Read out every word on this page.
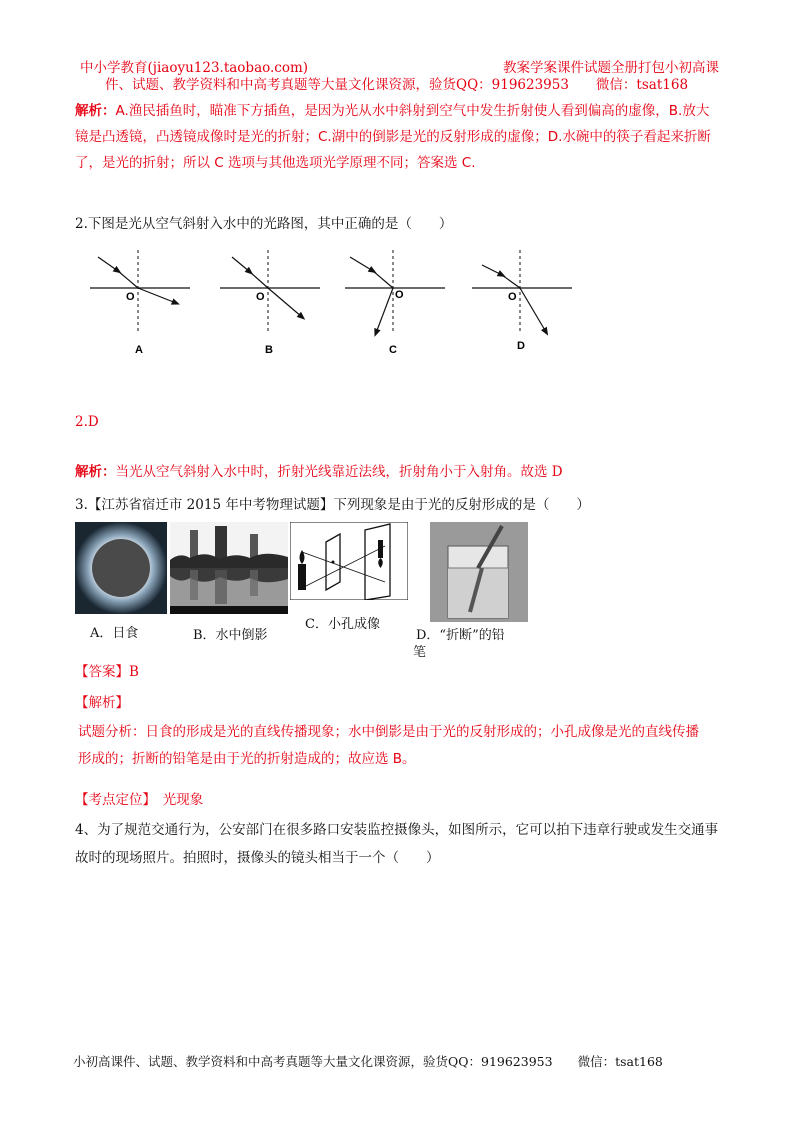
中小学教育(jiaoyu123.taobao.com)	教案学案课件试题全册打包小初高课
件、试题、教学资料和中高考真题等大量文化课资源，验货QQ：919623953　　微信：tsat168
解析：A.渔民插鱼时，瞄准下方插鱼，是因为光从水中斜射到空气中发生折射使人看到偏高的虚像，B.放大
镜是凸透镜，凸透镜成像时是光的折射；C.湖中的倒影是光的反射形成的虚像；D.水碗中的筷子看起来折断
了，是光的折射；所以 C 选项与其他选项光学原理不同；答案选 C.
2.下图是光从空气斜射入水中的光路图，其中正确的是（　　）
O
A
O
B
O
C
O
D
2.D
解析：当光从空气斜射入水中时，折射光线靠近法线，折射角小于入射角。故选 D
3.【江苏省宿迁市 2015 年中考物理试题】下列现象是由于光的反射形成的是（　　）
A．日食	B．水中倒影
C．小孔成像
D．“折断”的铅
笔
【答案】B
【解析】
试题分析：日食的形成是光的直线传播现象；水中倒影是由于光的反射形成的；小孔成像是光的直线传播
形成的；折断的铅笔是由于光的折射造成的；故应选 B。
【考点定位】　 光现象
4、为了规范交通行为，公安部门在很多路口安装监控摄像头，如图所示，它可以拍下违章行驶或发生交通事
故时的现场照片。拍照时，摄像头的镜头相当于一个（　　）
小初高课件、试题、教学资料和中高考真题等大量文化课资源，验货QQ：919623953　　微信：tsat168
